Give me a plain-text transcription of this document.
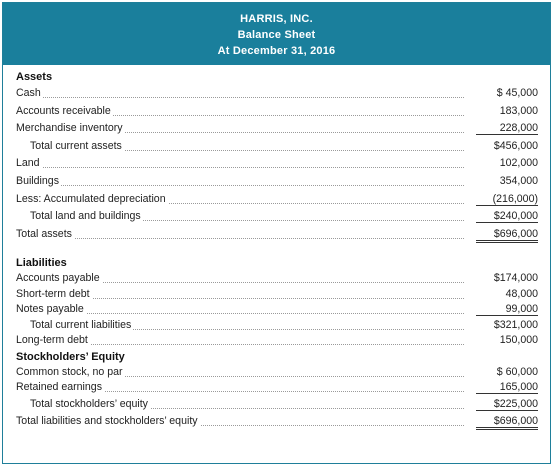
HARRIS, INC.
Balance Sheet
At December 31, 2016
Assets
Cash	$ 45,000
Accounts receivable	183,000
Merchandise inventory	228,000
Total current assets	$456,000
Land	102,000
Buildings	354,000
Less: Accumulated depreciation	(216,000)
Total land and buildings	$240,000
Total assets	$696,000
Liabilities
Accounts payable	$174,000
Short-term debt	48,000
Notes payable	99,000
Total current liabilities	$321,000
Long-term debt	150,000
Stockholders’ Equity
Common stock, no par	$ 60,000
Retained earnings	165,000
Total stockholders’ equity	$225,000
Total liabilities and stockholders’ equity	$696,000
